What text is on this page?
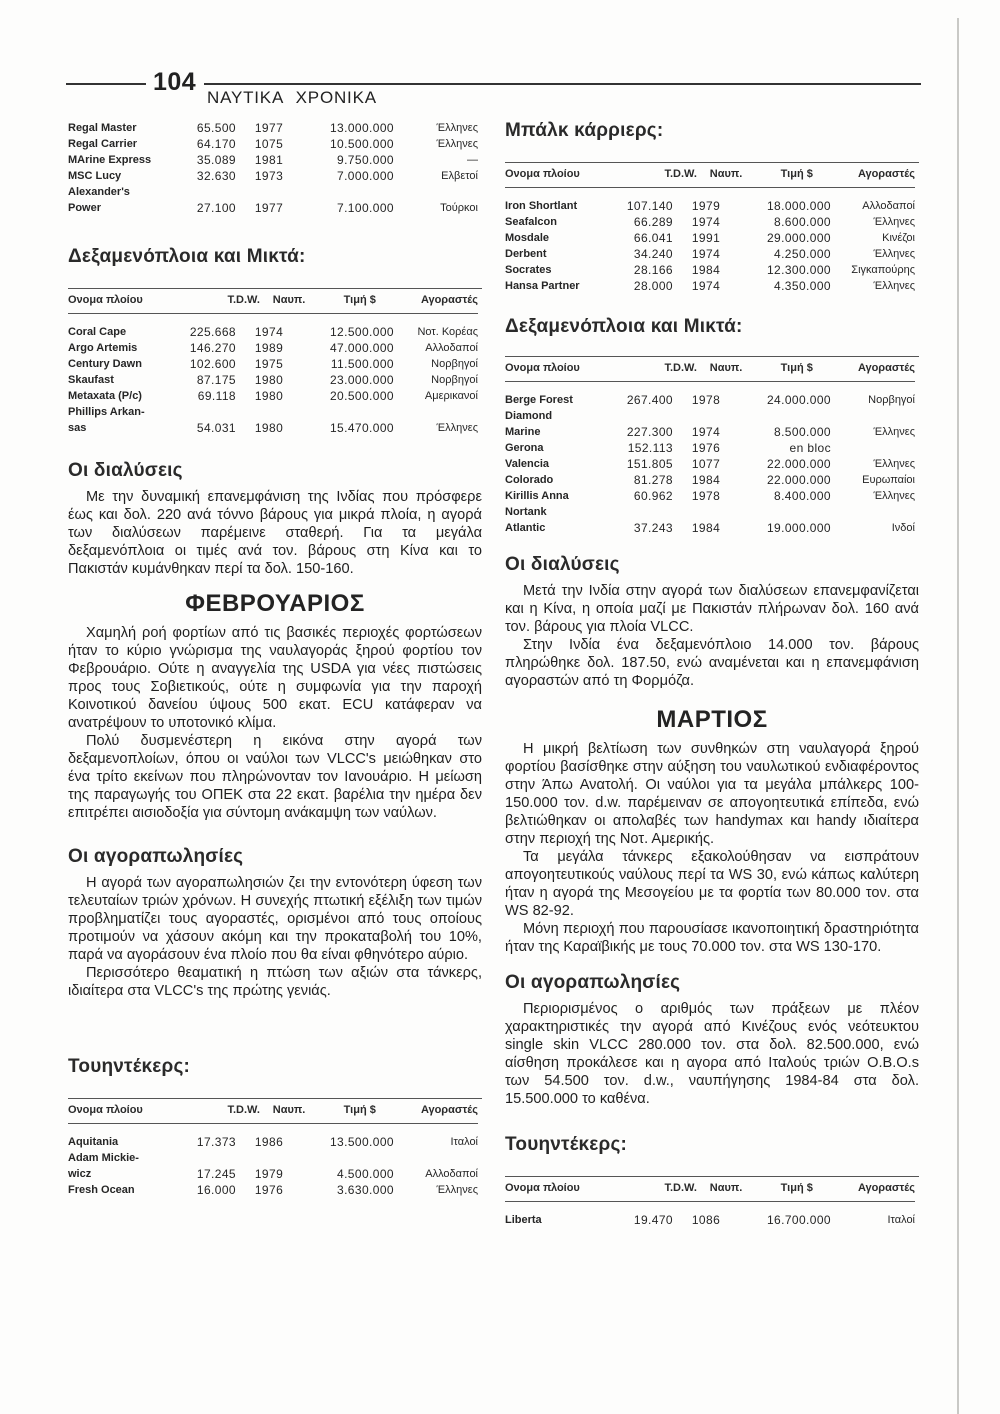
104
ΝΑΥΤΙΚΑ ΧΡΟΝΙΚΑ
Regal Master	65.500	1977	13.000.000	Έλληνες
Regal Carrier	64.170	1075	10.500.000	Έλληνες
MArine Express	35.089	1981	9.750.000	—
MSC Lucy	32.630	1973	7.000.000	Ελβετοί
Alexander's				
Power	27.100	1977	7.100.000	Τούρκοι
Δεξαμενόπλοια και Μικτά:
Ονομα πλοίου	T.D.W.	Ναυπ.	Τιμή $	Αγοραστές
Coral Cape	225.668	1974	12.500.000	Νοτ. Κορέας
Argo Artemis	146.270	1989	47.000.000	Αλλοδαποί
Century Dawn	102.600	1975	11.500.000	Νορβηγοί
Skaufast	87.175	1980	23.000.000	Νορβηγοί
Metaxata (P/c)	69.118	1980	20.500.000	Αμερικανοί
Phillips Arkan-				
sas	54.031	1980	15.470.000	Έλληνες
Οι διαλύσεις

Με την δυναμική επανεμφάνιση της Ινδίας που πρόσφερε έως και δολ. 220 ανά τόννο βάρους για μικρά πλοία, η αγορά των διαλύσεων παρέμεινε σταθερή. Για τα μεγάλα δεξαμενόπλοια οι τιμές ανά τον. βάρους στη Κίνα και το Πακιστάν κυμάνθηκαν περί τα δολ. 150-160.

ΦΕΒΡΟΥΑΡΙΟΣ

Χαμηλή ροή φορτίων από τις βασικές περιοχές φορτώσεων ήταν το κύριο γνώρισμα της ναυλαγοράς ξηρού φορτίου τον Φεβρουάριο. Ούτε η αναγγελία της USDA για νέες πιστώσεις προς τους Σοβιετικούς, ούτε η συμφωνία για την παροχή Κοινοτικού δανείου ύψους 500 εκατ. ECU κατάφεραν να ανατρέψουν το υποτονικό κλίμα.

Πολύ δυσμενέστερη η εικόνα στην αγορά των δεξαμενοπλοίων, όπου οι ναύλοι των VLCC's μειώθηκαν στο ένα τρίτο εκείνων που πληρώνονταν τον Ιανουάριο. Η μείωση της παραγωγής του ΟΠΕΚ στα 22 εκατ. βαρέλια την ημέρα δεν επιτρέπει αισιοδοξία για σύντομη ανάκαμψη των ναύλων.

Οι αγοραπωλησίες

Η αγορά των αγοραπωλησιών ζει την εντονότερη ύφεση των τελευταίων τριών χρόνων. Η συνεχής πτωτική εξέλιξη των τιμών προβληματίζει τους αγοραστές, ορισμένοι από τους οποίους προτιμούν να χάσουν ακόμη και την προκαταβολή του 10%, παρά να αγοράσουν ένα πλοίο που θα είναι φθηνότερο αύριο.

Περισσότερο θεαματική η πτώση των αξιών στα τάνκερς, ιδιαίτερα στα VLCC's της πρώτης γενιάς.

Τουηντέκερς:
Ονομα πλοίου	T.D.W.	Ναυπ.	Τιμή $	Αγοραστές
Aquitania	17.373	1986	13.500.000	Ιταλοί
Adam Mickie-				
wicz	17.245	1979	4.500.000	Αλλοδαποί
Fresh Ocean	16.000	1976	3.630.000	Έλληνες
Μπάλκ κάρριερς:
Ονομα πλοίου	T.D.W.	Ναυπ.	Τιμή $	Αγοραστές
Iron Shortlant	107.140	1979	18.000.000	Αλλοδαποί
Seafalcon	66.289	1974	8.600.000	Έλληνες
Mosdale	66.041	1991	29.000.000	Κινέζοι
Derbent	34.240	1974	4.250.000	Έλληνες
Socrates	28.166	1984	12.300.000	Σιγκαπούρης
Hansa Partner	28.000	1974	4.350.000	Έλληνες
Δεξαμενόπλοια και Μικτά:
Ονομα πλοίου	T.D.W.	Ναυπ.	Τιμή $	Αγοραστές
Berge Forest	267.400	1978	24.000.000	Νορβηγοί
Diamond				
Marine	227.300	1974	8.500.000	Έλληνες
Gerona	152.113	1976	en bloc	
Valencia	151.805	1077	22.000.000	Έλληνες
Colorado	81.278	1984	22.000.000	Ευρωπαίοι
Kirillis Anna	60.962	1978	8.400.000	Έλληνες
Nortank				
Atlantic	37.243	1984	19.000.000	Ινδοί
Οι διαλύσεις

Μετά την Ινδία στην αγορά των διαλύσεων επανεμφανίζεται και η Κίνα, η οποία μαζί με Πακιστάν πλήρωναν δολ. 160 ανά τον. βάρους για πλοία VLCC.

Στην Ινδία ένα δεξαμενόπλοιο 14.000 τον. βάρους πληρώθηκε δολ. 187.50, ενώ αναμένεται και η επανεμφάνιση αγοραστών από τη Φορμόζα.

ΜΑΡΤΙΟΣ

Η μικρή βελτίωση των συνθηκών στη ναυλαγορά ξηρού φορτίου βασίσθηκε στην αύξηση του ναυλωτικού ενδιαφέροντος στην Άπω Ανατολή. Οι ναύλοι για τα μεγάλα μπάλκερς 100-150.000 τον. d.w. παρέμειναν σε απογοητευτικά επίπεδα, ενώ βελτιώθηκαν οι απολαβές των handymax και handy ιδιαίτερα στην περιοχή της Νοτ. Αμερικής.

Τα μεγάλα τάνκερς εξακολούθησαν να εισπράτουν απογοητευτικούς ναύλους περί τα WS 30, ενώ κάπως καλύτερη ήταν η αγορά της Μεσογείου με τα φορτία των 80.000 τον. στα WS 82-92.

Μόνη περιοχή που παρουσίασε ικανοποιητική δραστηριότητα ήταν της Καραϊβικής με τους 70.000 τον. στα WS 130-170.

Οι αγοραπωλησίες

Περιορισμένος ο αριθμός των πράξεων με πλέον χαρακτηριστικές την αγορά από Κινέζους ενός νεότευκτου single skin VLCC 280.000 τον. στα δολ. 82.500.000, ενώ αίσθηση προκάλεσε και η αγορα από Ιταλούς τριών O.B.O.s των 54.500 τον. d.w., ναυπήγησης 1984-84 στα δολ. 15.500.000 το καθένα.

Τουηντέκερς:
Ονομα πλοίου	T.D.W.	Ναυπ.	Τιμή $	Αγοραστές
Liberta	19.470	1086	16.700.000	Ιταλοί
